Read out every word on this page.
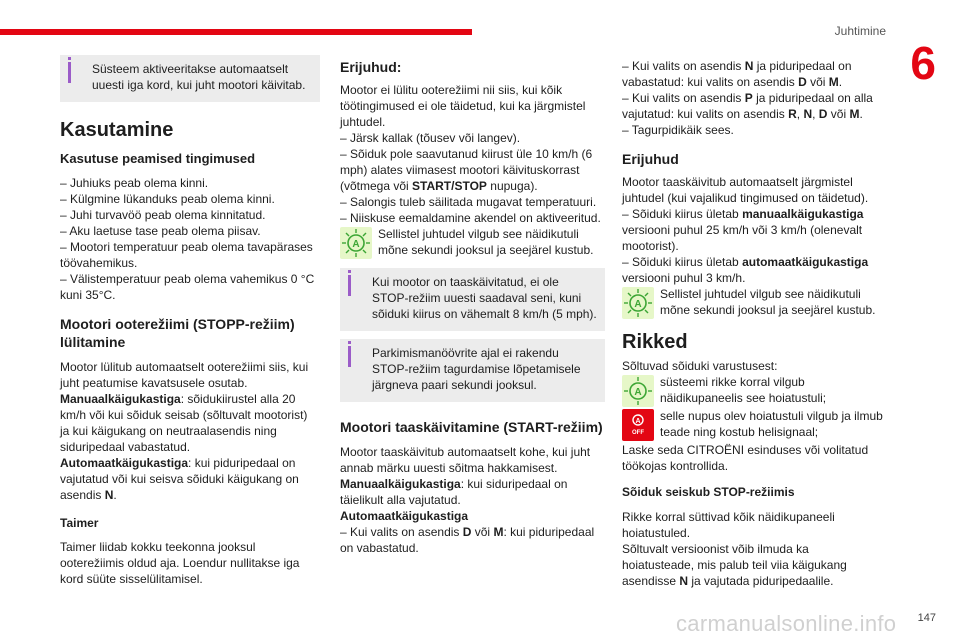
Juhtimine
6

Süsteem aktiveeritakse automaatselt uuesti iga kord, kui juht mootori käivitab.

Kasutamine
Kasutuse peamised tingimused

– Juhiuks peab olema kinni.

– Külgmine lükanduks peab olema kinni.

– Juhi turvavöö peab olema kinnitatud.

– Aku laetuse tase peab olema piisav.

– Mootori temperatuur peab olema tavapärases töövahemikus.

– Välistemperatuur peab olema vahemikus 0 °C kuni 35°C.

Mootori ooterežiimi (STOPP-režiim) lülitamine

Mootor lülitub automaatselt ooterežiimi siis, kui juht peatumise kavatsusele osutab.

Manuaalkäigukastiga: sõidukiirustel alla 20 km/h või kui sõiduk seisab (sõltuvalt mootorist) ja kui käigukang on neutraalasendis ning siduripedaal vabastatud.

Automaatkäigukastiga: kui piduripedaal on vajutatud või kui seisva sõiduki käigukang on asendis N.

Taimer

Taimer liidab kokku teekonna jooksul ooterežiimis oldud aja. Loendur nullitakse iga kord süüte sisselülitamisel.

Erijuhud:

Mootor ei lülitu ooterežiimi nii siis, kui kõik töötingimused ei ole täidetud, kui ka järgmistel juhtudel.

– Järsk kallak (tõusev või langev).

– Sõiduk pole saavutanud kiirust üle 10 km/h (6 mph) alates viimasest mootori käivituskorrast (võtmega või START/STOP nupuga).

– Salongis tuleb säilitada mugavat temperatuuri.

– Niiskuse eemaldamine akendel on aktiveeritud.

A

Sellistel juhtudel vilgub see näidikutuli mõne sekundi jooksul ja seejärel kustub.

Kui mootor on taaskäivitatud, ei ole STOP-režiim uuesti saadaval seni, kuni sõiduki kiirus on vähemalt 8 km/h (5 mph).

Parkimismanöövrite ajal ei rakendu STOP-režiim tagurdamise lõpetamisele järgneva paari sekundi jooksul.

Mootori taaskäivitamine (START-režiim)

Mootor taaskäivitub automaatselt kohe, kui juht annab märku uuesti sõitma hakkamisest.

Manuaalkäigukastiga: kui siduripedaal on täielikult alla vajutatud.

Automaatkäigukastiga

– Kui valits on asendis D või M: kui piduripedaal on vabastatud.

– Kui valits on asendis N ja piduripedaal on vabastatud: kui valits on asendis D või M.

– Kui valits on asendis P ja piduripedaal on alla vajutatud: kui valits on asendis R, N, D või M.

– Tagurpidikäik sees.

Erijuhud

Mootor taaskäivitub automaatselt järgmistel juhtudel (kui vajalikud tingimused on täidetud).

– Sõiduki kiirus ületab manuaalkäigukastiga versiooni puhul 25 km/h või 3 km/h (olenevalt mootorist).

– Sõiduki kiirus ületab automaatkäigukastiga versiooni puhul 3 km/h.

A

Sellistel juhtudel vilgub see näidikutuli mõne sekundi jooksul ja seejärel kustub.

Rikked

Sõltuvad sõiduki varustusest:

A

süsteemi rikke korral vilgub näidikupaneelis see hoiatustuli;

A
OFF

selle nupus olev hoiatustuli vilgub ja ilmub teade ning kostub helisignaal;

Laske seda CITROËNI esinduses või volitatud töökojas kontrollida.

Sõiduk seiskub STOP-režiimis

Rikke korral süttivad kõik näidikupaneeli hoiatustuled.

Sõltuvalt versioonist võib ilmuda ka hoiatusteade, mis palub teil viia käigukang asendisse N ja vajutada piduripedaalile.

carmanualsonline.info 147
